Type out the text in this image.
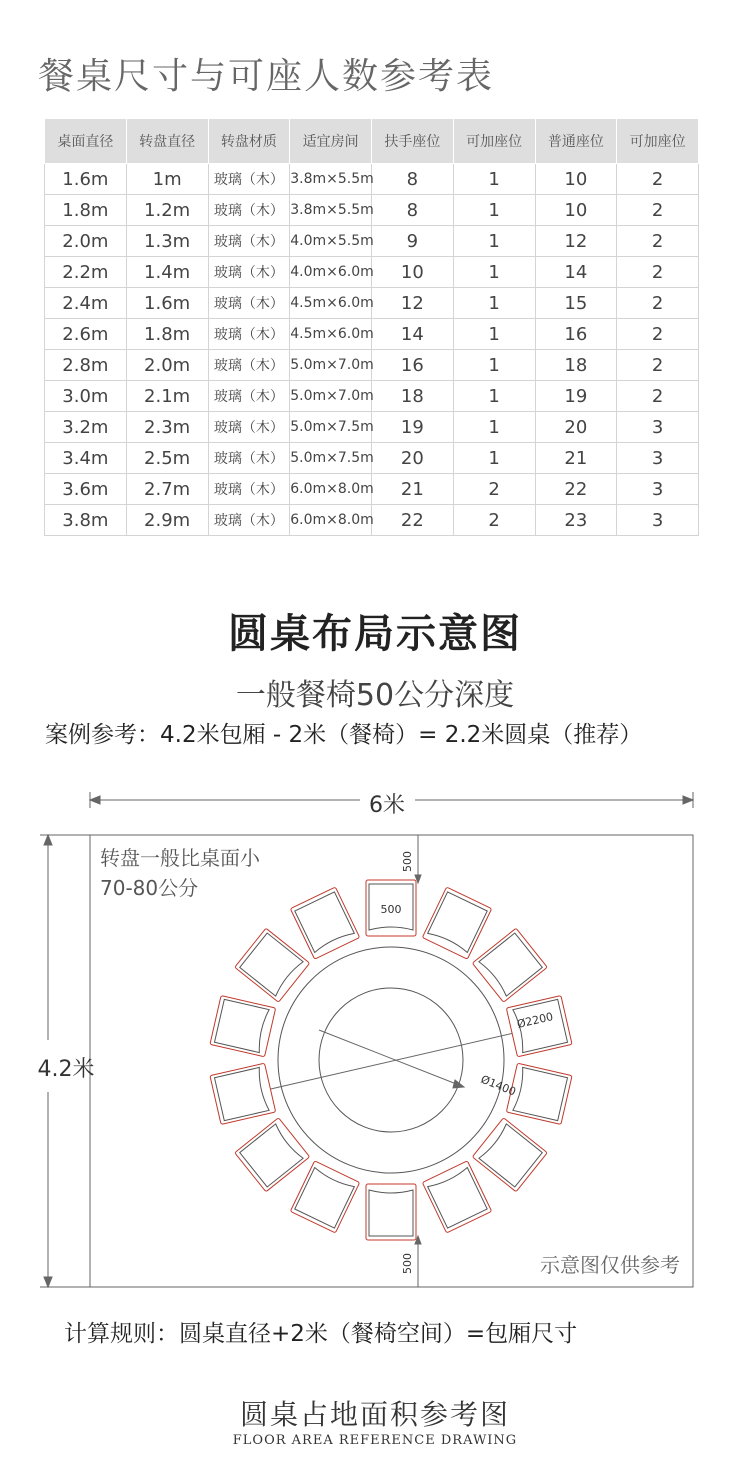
餐桌尺寸与可座人数参考表
桌面直径	转盘直径	转盘材质	适宜房间	扶手座位	可加座位	普通座位	可加座位
1.6m	1m	玻璃（木）	3.8m×5.5m	8	1	10	2
1.8m	1.2m	玻璃（木）	3.8m×5.5m	8	1	10	2
2.0m	1.3m	玻璃（木）	4.0m×5.5m	9	1	12	2
2.2m	1.4m	玻璃（木）	4.0m×6.0m	10	1	14	2
2.4m	1.6m	玻璃（木）	4.5m×6.0m	12	1	15	2
2.6m	1.8m	玻璃（木）	4.5m×6.0m	14	1	16	2
2.8m	2.0m	玻璃（木）	5.0m×7.0m	16	1	18	2
3.0m	2.1m	玻璃（木）	5.0m×7.0m	18	1	19	2
3.2m	2.3m	玻璃（木）	5.0m×7.5m	19	1	20	3
3.4m	2.5m	玻璃（木）	5.0m×7.5m	20	1	21	3
3.6m	2.7m	玻璃（木）	6.0m×8.0m	21	2	22	3
3.8m	2.9m	玻璃（木）	6.0m×8.0m	22	2	23	3
圆桌布局示意图
一般餐椅50公分深度
案例参考：4.2米包厢 - 2米（餐椅）= 2.2米圆桌（推荐）
6米
4.2米
转盘一般比桌面小
70-80公分
500
500
500
Ø2200
Ø1400
示意图仅供参考
计算规则：圆桌直径+2米（餐椅空间）=包厢尺寸
圆桌占地面积参考图
FLOOR AREA REFERENCE DRAWING
